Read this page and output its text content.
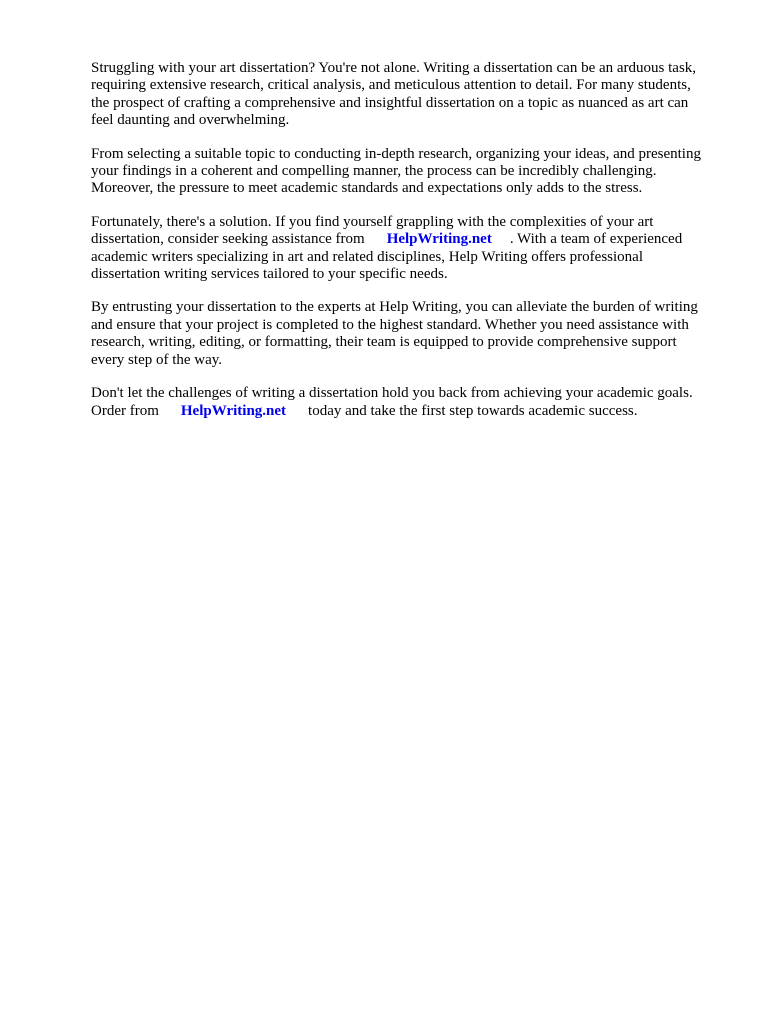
Struggling with your art dissertation? You're not alone. Writing a dissertation can be an arduous task,
requiring extensive research, critical analysis, and meticulous attention to detail. For many students,
the prospect of crafting a comprehensive and insightful dissertation on a topic as nuanced as art can
feel daunting and overwhelming.

From selecting a suitable topic to conducting in-depth research, organizing your ideas, and presenting
your findings in a coherent and compelling manner, the process can be incredibly challenging.
Moreover, the pressure to meet academic standards and expectations only adds to the stress.

Fortunately, there's a solution. If you find yourself grappling with the complexities of your art
dissertation, consider seeking assistance from HelpWriting.net . With a team of experienced
academic writers specializing in art and related disciplines, Help Writing offers professional
dissertation writing services tailored to your specific needs.

By entrusting your dissertation to the experts at Help Writing, you can alleviate the burden of writing
and ensure that your project is completed to the highest standard. Whether you need assistance with
research, writing, editing, or formatting, their team is equipped to provide comprehensive support
every step of the way.

Don't let the challenges of writing a dissertation hold you back from achieving your academic goals.
Order from HelpWriting.net today and take the first step towards academic success.
